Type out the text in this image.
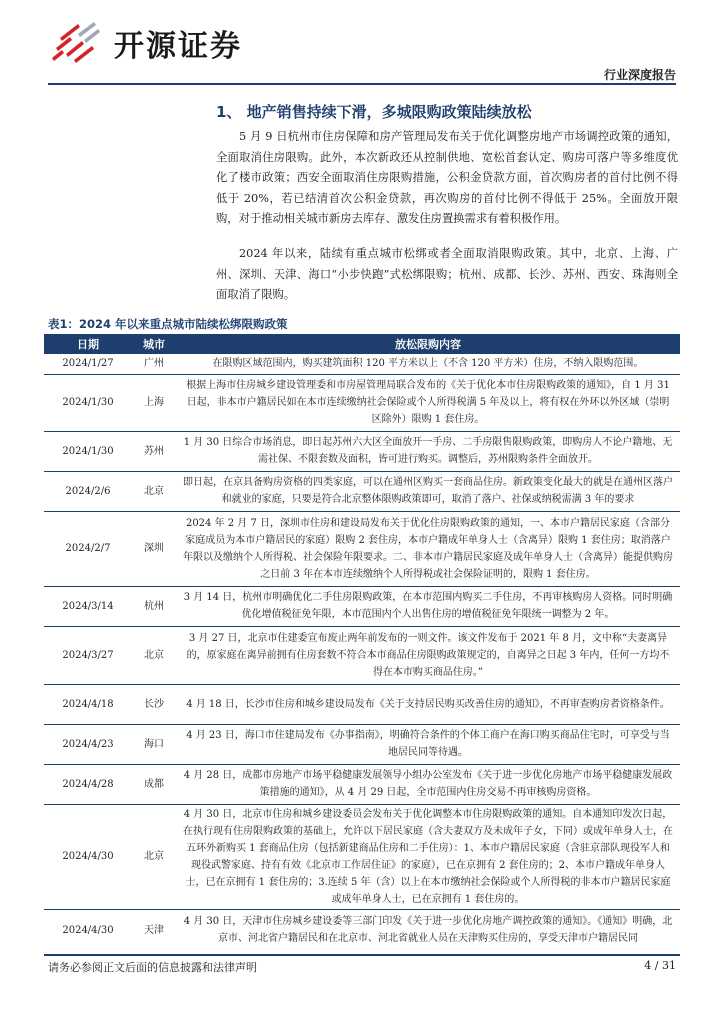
开源证券
行业深度报告
1、 地产销售持续下滑，多城限购政策陆续放松
5 月 9 日杭州市住房保障和房产管理局发布关于优化调整房地产市场调控政策的通知，全面取消住房限购。此外，本次新政还从控制供地、宽松首套认定、购房可落户等多维度优化了楼市政策；西安全面取消住房限购措施，公积金贷款方面，首次购房者的首付比例不得低于 20%，若已结清首次公积金贷款，再次购房的首付比例不得低于 25%。全面放开限购，对于推动相关城市新房去库存、激发住房置换需求有着积极作用。
2024 年以来，陆续有重点城市松绑或者全面取消限购政策。其中，北京、上海、广州、深圳、天津、海口“小步快跑”式松绑限购；杭州、成都、长沙、苏州、西安、珠海则全面取消了限购。
表1：2024 年以来重点城市陆续松绑限购政策
日期	城市	放松限购内容
2024/1/27	广州	在限购区域范围内，购买建筑面积 120 平方米以上（不含 120 平方米）住房，不纳入限购范围。
2024/1/30	上海	根据上海市住房城乡建设管理委和市房屋管理局联合发布的《关于优化本市住房限购政策的通知》，自 1 月 31 日起，非本市户籍居民如在本市连续缴纳社会保险或个人所得税满 5 年及以上，将有权在外环以外区域（崇明区除外）限购 1 套住房。
2024/1/30	苏州	1 月 30 日综合市场消息，即日起苏州六大区全面放开一手房、二手房限售限购政策，即购房人不论户籍地、无需社保、不限套数及面积，皆可进行购买。调整后，苏州限购条件全面放开。
2024/2/6	北京	即日起，在京具备购房资格的四类家庭，可以在通州区购买一套商品住房。新政策变化最大的就是在通州区落户和就业的家庭，只要是符合北京整体限购政策即可，取消了落户、社保或纳税需满 3 年的要求
2024/2/7	深圳	2024 年 2 月 7 日，深圳市住房和建设局发布关于优化住房限购政策的通知，一、本市户籍居民家庭（含部分家庭成员为本市户籍居民的家庭）限购 2 套住房，本市户籍成年单身人士（含离异）限购 1 套住房；取消落户年限以及缴纳个人所得税、社会保险年限要求。二、非本市户籍居民家庭及成年单身人士（含离异）能提供购房之日前 3 年在本市连续缴纳个人所得税或社会保险证明的，限购 1 套住房。
2024/3/14	杭州	3 月 14 日，杭州市明确优化二手住房限购政策，在本市范围内购买二手住房，不再审核购房人资格。同时明确优化增值税征免年限，本市范围内个人出售住房的增值税征免年限统一调整为 2 年。
2024/3/27	北京	3 月 27 日，北京市住建委宣布废止两年前发布的一则文件。该文件发布于 2021 年 8 月，文中称“夫妻离异的，原家庭在离异前拥有住房套数不符合本市商品住房限购政策规定的，自离异之日起 3 年内，任何一方均不得在本市购买商品住房。”
2024/4/18	长沙	4 月 18 日，长沙市住房和城乡建设局发布《关于支持居民购买改善住房的通知》，不再审查购房者资格条件。
2024/4/23	海口	4 月 23 日，海口市住建局发布《办事指南》，明确符合条件的个体工商户在海口购买商品住宅时，可享受与当地居民同等待遇。
2024/4/28	成都	4 月 28 日，成都市房地产市场平稳健康发展领导小组办公室发布《关于进一步优化房地产市场平稳健康发展政策措施的通知》，从 4 月 29 日起，全市范围内住房交易不再审核购房资格。
2024/4/30	北京	4 月 30 日，北京市住房和城乡建设委员会发布关于优化调整本市住房限购政策的通知。自本通知印发次日起，在执行现有住房限购政策的基础上，允许以下居民家庭（含夫妻双方及未成年子女，下同）或成年单身人士，在五环外新购买 1 套商品住房（包括新建商品住房和二手住房）：1、本市户籍居民家庭（含驻京部队现役军人和现役武警家庭、持有有效《北京市工作居住证》的家庭），已在京拥有 2 套住房的；2、本市户籍成年单身人士，已在京拥有 1 套住房的；3.连续 5 年（含）以上在本市缴纳社会保险或个人所得税的非本市户籍居民家庭或成年单身人士，已在京拥有 1 套住房的。
2024/4/30	天津	4 月 30 日，天津市住房城乡建设委等三部门印发《关于进一步优化房地产调控政策的通知》。《通知》明确，北京市、河北省户籍居民和在北京市、河北省就业人员在天津购买住房的，享受天津市户籍居民同
请务必参阅正文后面的信息披露和法律声明	4 / 31
